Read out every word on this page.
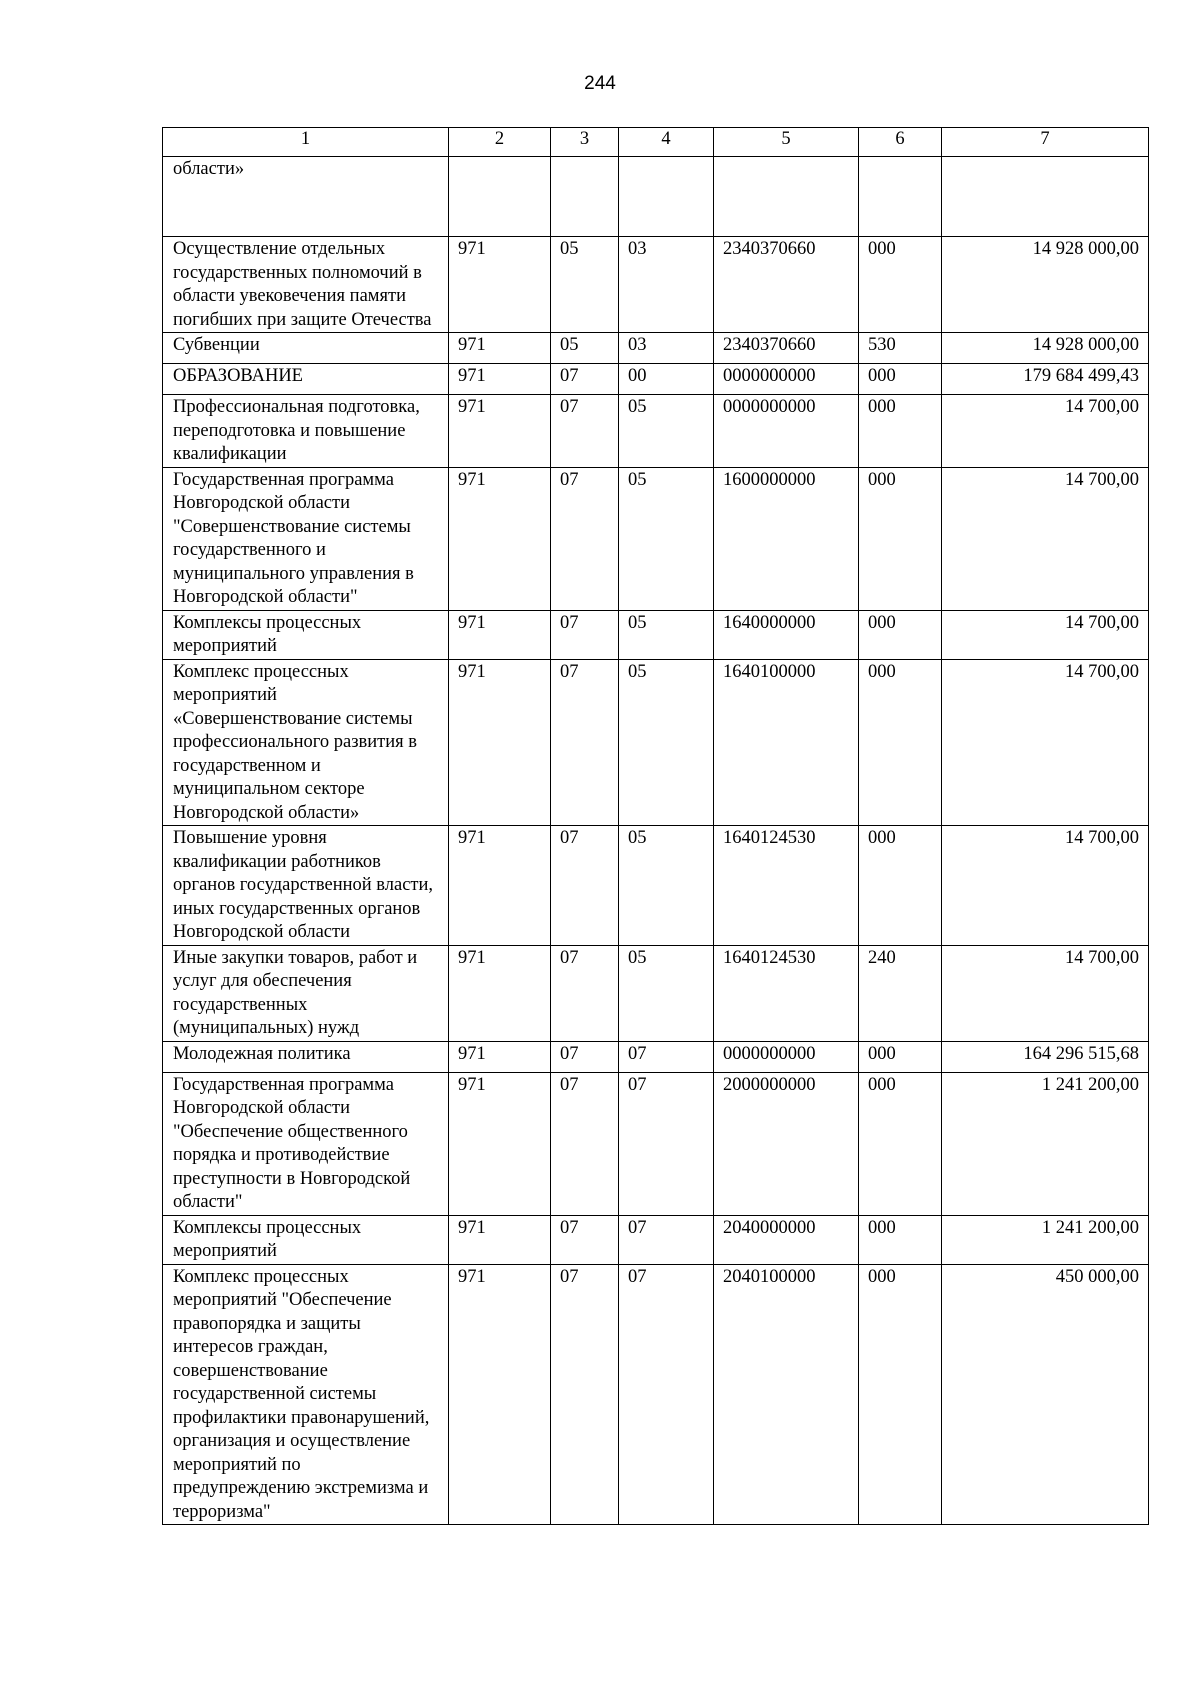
244
1	2	3	4	5	6	7
области»						
Осуществление отдельных государственных полномочий в области увековечения памяти погибших при защите Отечества	971	05	03	2340370660	000	14 928 000,00
Субвенции	971	05	03	2340370660	530	14 928 000,00
ОБРАЗОВАНИЕ	971	07	00	0000000000	000	179 684 499,43
Профессиональная подготовка, переподготовка и повышение квалификации	971	07	05	0000000000	000	14 700,00
Государственная программа Новгородской области "Совершенствование системы государственного и муниципального управления в Новгородской области"	971	07	05	1600000000	000	14 700,00
Комплексы процессных мероприятий	971	07	05	1640000000	000	14 700,00
Комплекс процессных мероприятий «Совершенствование системы профессионального развития в государственном и муниципальном секторе Новгородской области»	971	07	05	1640100000	000	14 700,00
Повышение уровня квалификации работников органов государственной власти, иных государственных органов Новгородской области	971	07	05	1640124530	000	14 700,00
Иные закупки товаров, работ и услуг для обеспечения государственных (муниципальных) нужд	971	07	05	1640124530	240	14 700,00
Молодежная политика	971	07	07	0000000000	000	164 296 515,68
Государственная программа Новгородской области "Обеспечение общественного порядка и противодействие преступности в Новгородской области"	971	07	07	2000000000	000	1 241 200,00
Комплексы процессных мероприятий	971	07	07	2040000000	000	1 241 200,00
Комплекс процессных мероприятий "Обеспечение правопорядка и защиты интересов граждан, совершенствование государственной системы профилактики правонарушений, организация и осуществление мероприятий по предупреждению экстремизма и терроризма"	971	07	07	2040100000	000	450 000,00
